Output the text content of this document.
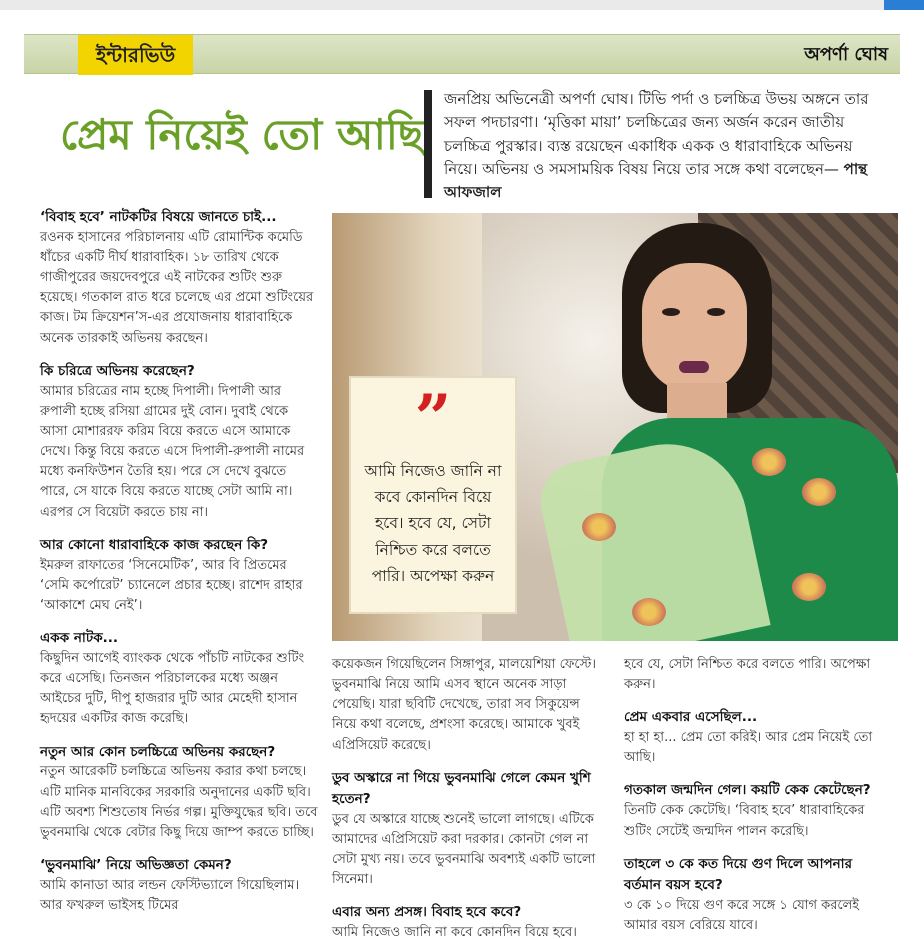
ইন্টারভিউ	অপর্ণা ঘোষ
প্রেম নিয়েই তো আছি
জনপ্রিয় অভিনেত্রী অপর্ণা ঘোষ। টিভি পর্দা ও চলচ্চিত্র উভয় অঙ্গনে তার সফল পদচারণা। ‘মৃত্তিকা মায়া’ চলচ্চিত্রের জন্য অর্জন করেন জাতীয় চলচ্চিত্র পুরস্কার। ব্যস্ত রয়েছেন একাধিক একক ও ধারাবাহিকে অভিনয় নিয়ে। অভিনয় ও সমসাময়িক বিষয় নিয়ে তার সঙ্গে কথা বলেছেন— পান্থ আফজাল
‘বিবাহ হবে’ নাটকটির বিষয়ে জানতে চাই...
রওনক হাসানের পরিচালনায় এটি রোমান্টিক কমেডি ধাঁচের একটি দীর্ঘ ধারাবাহিক। ১৮ তারিখ থেকে গাজীপুরের জয়দেবপুরে এই নাটকের শুটিং শুরু হয়েছে। গতকাল রাত ধরে চলেছে এর প্রমো শুটিংয়ের কাজ। টম ক্রিয়েশন’স-এর প্রযোজনায় ধারাবাহিকে অনেক তারকাই অভিনয় করছেন।
কি চরিত্রে অভিনয় করেছেন?
আমার চরিত্রের নাম হচ্ছে দিপালী। দিপালী আর রুপালী হচ্ছে রসিয়া গ্রামের দুই বোন। দুবাই থেকে আসা মোশাররফ করিম বিয়ে করতে এসে আমাকে দেখে। কিন্তু বিয়ে করতে এসে দিপালী-রুপালী নামের মধ্যে কনফিউশন তৈরি হয়। পরে সে দেখে বুঝতে পারে, সে যাকে বিয়ে করতে যাচ্ছে সেটা আমি না। এরপর সে বিয়েটা করতে চায় না।
আর কোনো ধারাবাহিকে কাজ করছেন কি?
ইমরুল রাফাতের ‘সিনেমেটিক’, আর বি প্রিতমের ‘সেমি কর্পোরেট’ চ্যানেলে প্রচার হচ্ছে। রাশেদ রাহার ‘আকাশে মেঘ নেই’।
একক নাটক...
কিছুদিন আগেই ব্যাংকক থেকে পাঁচটি নাটকের শুটিং করে এসেছি। তিনজন পরিচালকের মধ্যে অঞ্জন আইচের দুটি, দীপু হাজরার দুটি আর মেহেদী হাসান হৃদয়ের একটির কাজ করেছি।
নতুন আর কোন চলচ্চিত্রে অভিনয় করছেন?
নতুন আরেকটি চলচ্চিত্রে অভিনয় করার কথা চলছে। এটি মানিক মানবিকের সরকারি অনুদানের একটি ছবি। এটি অবশ্য শিশুতোষ নির্ভর গল্প। মুক্তিযুদ্ধের ছবি। তবে ভুবনমাঝি থেকে বেটার কিছু দিয়ে জাম্প করতে চাচ্ছি।
‘ভুবনমাঝি’ নিয়ে অভিজ্ঞতা কেমন?
আমি কানাডা আর লন্ডন ফেস্টিভ্যালে গিয়েছিলাম। আর ফখরুল ভাইসহ টিমের
”
আমি নিজেও জানি না কবে কোনদিন বিয়ে হবে। হবে যে, সেটা নিশ্চিত করে বলতে পারি। অপেক্ষা করুন
কয়েকজন গিয়েছিলেন সিঙ্গাপুর, মালয়েশিয়া ফেস্টে। ভুবনমাঝি নিয়ে আমি এসব স্থানে অনেক সাড়া পেয়েছি। যারা ছবিটি দেখেছে, তারা সব সিকুয়েন্স নিয়ে কথা বলেছে, প্রশংসা করেছে। আমাকে খুবই এপ্রিসিয়েট করেছে।
ডুব অস্কারে না গিয়ে ভুবনমাঝি গেলে কেমন খুশি হতেন?
ডুব যে অস্কারে যাচ্ছে শুনেই ভালো লাগছে। এটিকে আমাদের এপ্রিসিয়েট করা দরকার। কোনটা গেল না সেটা মুখ্য নয়। তবে ভুবনমাঝি অবশ্যই একটি ভালো সিনেমা।
এবার অন্য প্রসঙ্গ। বিবাহ হবে কবে?
আমি নিজেও জানি না কবে কোনদিন বিয়ে হবে।
হবে যে, সেটা নিশ্চিত করে বলতে পারি। অপেক্ষা করুন।
প্রেম একবার এসেছিল...
হা হা হা... প্রেম তো করিই। আর প্রেম নিয়েই তো আছি।
গতকাল জন্মদিন গেল। কয়টি কেক কেটেছেন?
তিনটি কেক কেটেছি। ‘বিবাহ হবে’ ধারাবাহিকের শুটিং সেটেই জন্মদিন পালন করেছি।
তাহলে ৩ কে কত দিয়ে গুণ দিলে আপনার বর্তমান বয়স হবে?
৩ কে ১০ দিয়ে গুণ করে সঙ্গে ১ যোগ করলেই আমার বয়স বেরিয়ে যাবে।
